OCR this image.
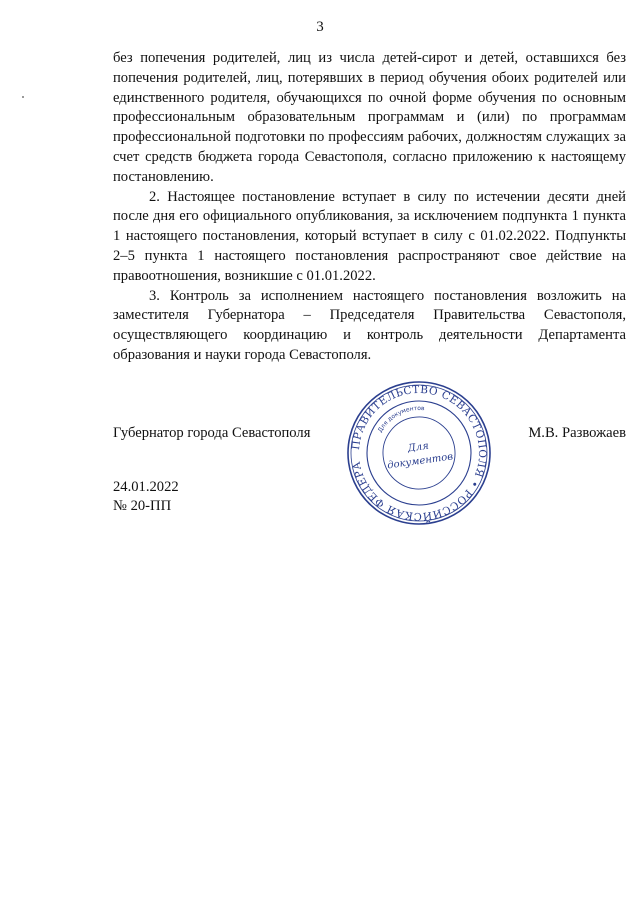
3

без попечения родителей, лиц из числа детей-сирот и детей, оставшихся без попечения родителей, лиц, потерявших в период обучения обоих родителей или единственного родителя, обучающихся по очной форме обучения по основным профессиональным образовательным программам и (или) по программам профессиональной подготовки по профессиям рабочих, должностям служащих за счет средств бюджета города Севастополя, согласно приложению к настоящему постановлению.

2. Настоящее постановление вступает в силу по истечении десяти дней после дня его официального опубликования, за исключением подпункта 1 пункта 1 настоящего постановления, который вступает в силу с 01.02.2022. Подпункты 2–5 пункта 1 настоящего постановления распространяют свое действие на правоотношения, возникшие с 01.01.2022.

3. Контроль за исполнением настоящего постановления возложить на заместителя Губернатора – Председателя Правительства Севастополя, осуществляющего координацию и контроль деятельности Департамента образования и науки города Севастополя.

Губернатор города Севастополя	М.В. Развожаев
ПРАВИТЕЛЬСТВО СЕВАСТОПОЛЯ • РОССИЙСКАЯ ФЕДЕРАЦИЯ
Для документов
Для
документов
24.01.2022
№ 20-ПП
